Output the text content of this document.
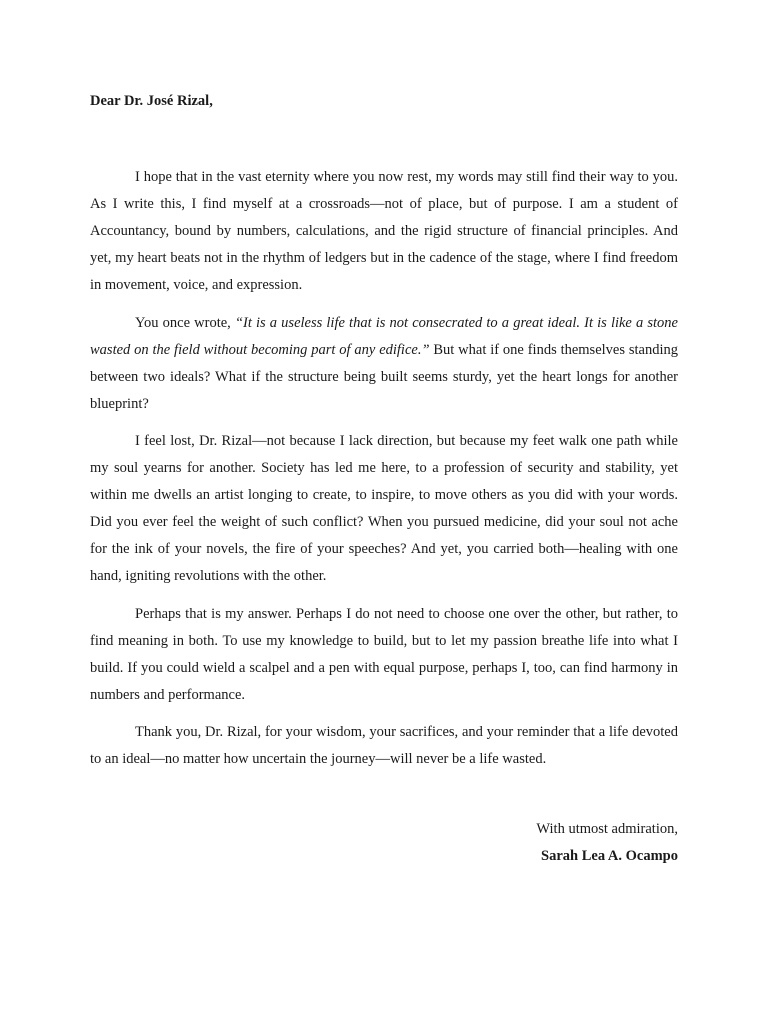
Dear Dr. José Rizal,

I hope that in the vast eternity where you now rest, my words may still find their way to you. As I write this, I find myself at a crossroads—not of place, but of purpose. I am a student of Accountancy, bound by numbers, calculations, and the rigid structure of financial principles. And yet, my heart beats not in the rhythm of ledgers but in the cadence of the stage, where I find freedom in movement, voice, and expression.

You once wrote, “It is a useless life that is not consecrated to a great ideal. It is like a stone wasted on the field without becoming part of any edifice.” But what if one finds themselves standing between two ideals? What if the structure being built seems sturdy, yet the heart longs for another blueprint?

I feel lost, Dr. Rizal—not because I lack direction, but because my feet walk one path while my soul yearns for another. Society has led me here, to a profession of security and stability, yet within me dwells an artist longing to create, to inspire, to move others as you did with your words. Did you ever feel the weight of such conflict? When you pursued medicine, did your soul not ache for the ink of your novels, the fire of your speeches? And yet, you carried both—healing with one hand, igniting revolutions with the other.

Perhaps that is my answer. Perhaps I do not need to choose one over the other, but rather, to find meaning in both. To use my knowledge to build, but to let my passion breathe life into what I build. If you could wield a scalpel and a pen with equal purpose, perhaps I, too, can find harmony in numbers and performance.

Thank you, Dr. Rizal, for your wisdom, your sacrifices, and your reminder that a life devoted to an ideal—no matter how uncertain the journey—will never be a life wasted.

With utmost admiration,
Sarah Lea A. Ocampo
